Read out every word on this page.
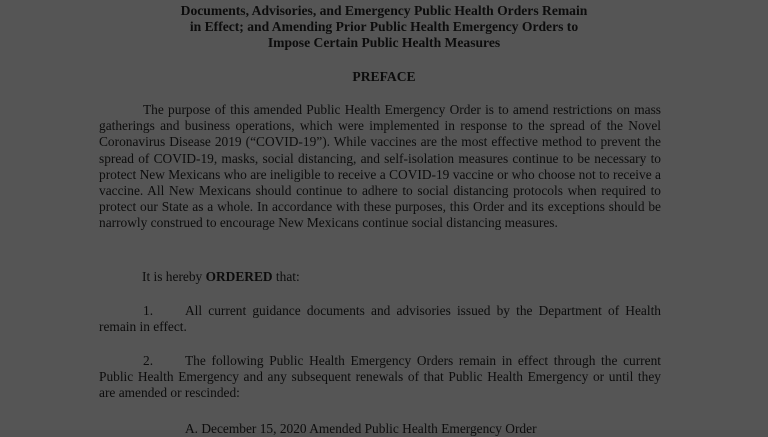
Documents, Advisories, and Emergency Public Health Orders Remain
in Effect; and Amending Prior Public Health Emergency Orders to
Impose Certain Public Health Measures
PREFACE

The purpose of this amended Public Health Emergency Order is to amend restrictions on mass gatherings and business operations, which were implemented in response to the spread of the Novel Coronavirus Disease 2019 (“COVID-19”). While vaccines are the most effective method to prevent the spread of COVID-19, masks, social distancing, and self-isolation measures continue to be necessary to protect New Mexicans who are ineligible to receive a COVID-19 vaccine or who choose not to receive a vaccine. All New Mexicans should continue to adhere to social distancing protocols when required to protect our State as a whole. In accordance with these purposes, this Order and its exceptions should be narrowly construed to encourage New Mexicans continue social distancing measures.

It is hereby ORDERED that:

1. All current guidance documents and advisories issued by the Department of Health remain in effect.

2. The following Public Health Emergency Orders remain in effect through the current Public Health Emergency and any subsequent renewals of that Public Health Emergency or until they are amended or rescinded:

A. December 15, 2020 Amended Public Health Emergency Order
